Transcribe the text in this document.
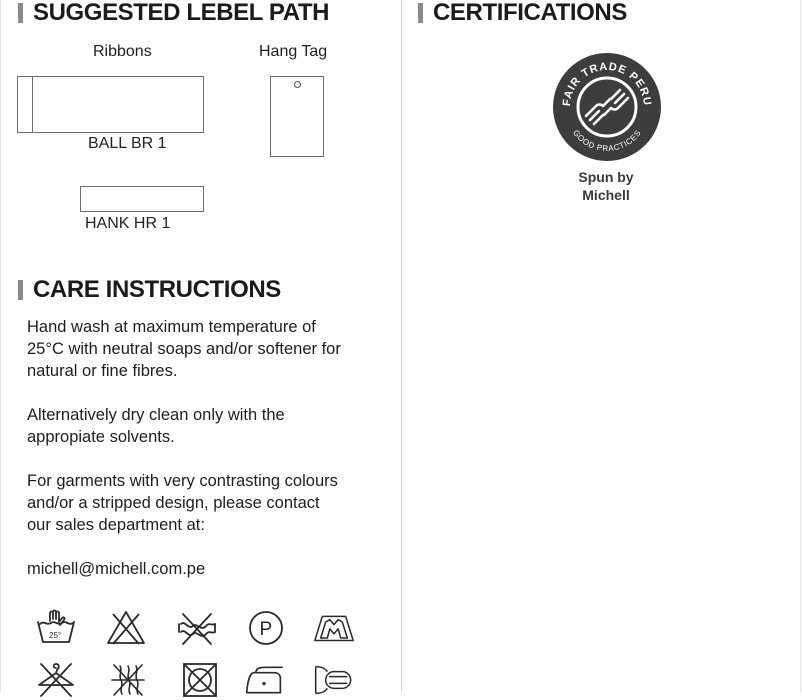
SUGGESTED LEBEL PATH
Ribbons	Hang Tag
BALL BR 1
HANK HR 1
CARE INSTRUCTIONS

Hand wash at maximum temperature of
25°C with neutral soaps and/or softener for
natural or fine fibres.

Alternatively dry clean only with the
appropiate solvents.

For garments with very contrasting colours
and/or a stripped design, please contact
our sales department at:

michell@michell.com.pe

25°	P
CERTIFICATIONS
FAIR TRADE PERU
GOOD PRACTICES
Spun by
Michell
